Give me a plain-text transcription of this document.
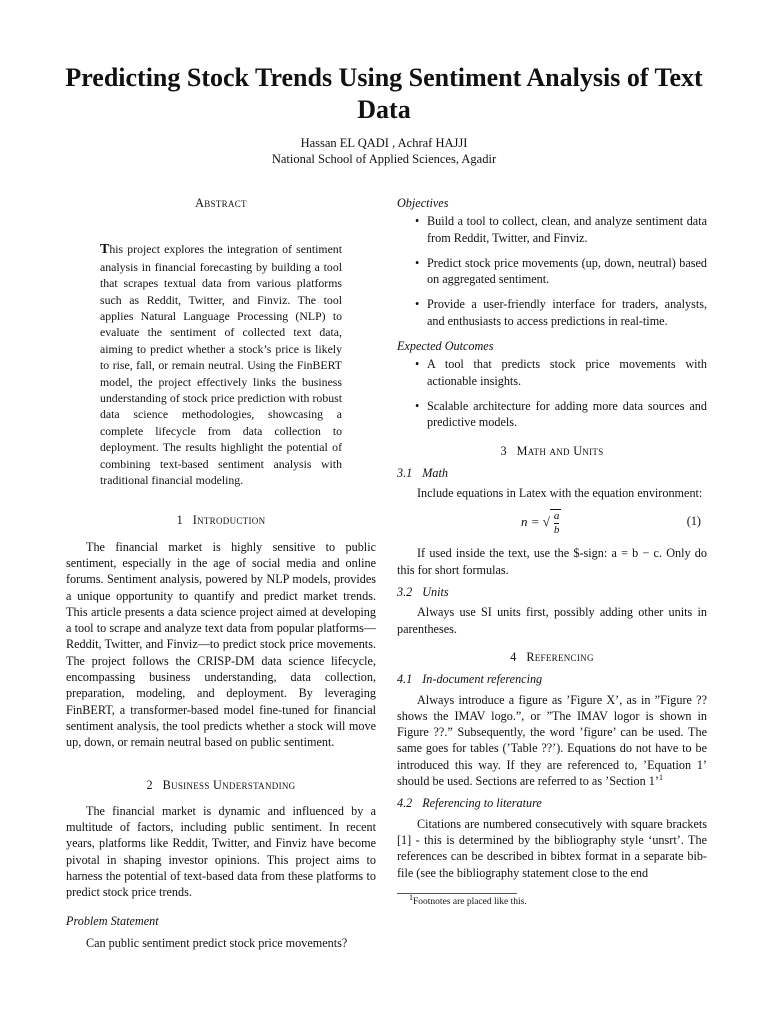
Predicting Stock Trends Using Sentiment Analysis of Text Data
Hassan EL QADI , Achraf HAJJI
National School of Applied Sciences, Agadir
Abstract

This project explores the integration of sentiment analysis in financial forecasting by building a tool that scrapes textual data from various platforms such as Reddit, Twitter, and Finviz. The tool applies Natural Language Processing (NLP) to evaluate the sentiment of collected text data, aiming to predict whether a stock’s price is likely to rise, fall, or remain neutral. Using the FinBERT model, the project effectively links the business understanding of stock price prediction with robust data science methodologies, showcasing a complete lifecycle from data collection to deployment. The results highlight the potential of combining text-based sentiment analysis with traditional financial modeling.

1 Introduction

The financial market is highly sensitive to public sentiment, especially in the age of social media and online forums. Sentiment analysis, powered by NLP models, provides a unique opportunity to quantify and predict market trends. This article presents a data science project aimed at developing a tool to scrape and analyze text data from popular platforms—Reddit, Twitter, and Finviz—to predict stock price movements. The project follows the CRISP-DM data science lifecycle, encompassing business understanding, data collection, preparation, modeling, and deployment. By leveraging FinBERT, a transformer-based model fine-tuned for financial sentiment analysis, the tool predicts whether a stock will move up, down, or remain neutral based on public sentiment.

2 Business Understanding

The financial market is dynamic and influenced by a multitude of factors, including public sentiment. In recent years, platforms like Reddit, Twitter, and Finviz have become pivotal in shaping investor opinions. This project aims to harness the potential of text-based data from these platforms to predict stock price trends.

Problem Statement

Can public sentiment predict stock price movements?

Objectives

• Build a tool to collect, clean, and analyze sentiment data from Reddit, Twitter, and Finviz.
• Predict stock price movements (up, down, neutral) based on aggregated sentiment.
• Provide a user-friendly interface for traders, analysts, and enthusiasts to access predictions in real-time.

Expected Outcomes

• A tool that predicts stock price movements with actionable insights.
• Scalable architecture for adding more data sources and predictive models.
3 Math and Units

3.1 Math

Include equations in Latex with the equation environment:

n = √ $\frac{a}{b}$	(1)

If used inside the text, use the $-sign: a = b − c. Only do this for short formulas.

3.2 Units

Always use SI units first, possibly adding other units in parentheses.

4 Referencing

4.1 In-document referencing

Always introduce a figure as ’Figure X’, as in ”Figure ?? shows the IMAV logo.”, or ”The IMAV logor is shown in Figure ??.” Subsequently, the word ’figure’ can be used. The same goes for tables (’Table ??’). Equations do not have to be introduced this way. If they are referenced to, ’Equation 1’ should be used. Sections are referred to as ’Section 1’$^1$

4.2 Referencing to literature

Citations are numbered consecutively with square brackets [1] - this is determined by the bibliography style ‘unsrt’. The references can be described in bibtex format in a separate bib-file (see the bibliography statement close to the end

$^1$Footnotes are placed like this.
